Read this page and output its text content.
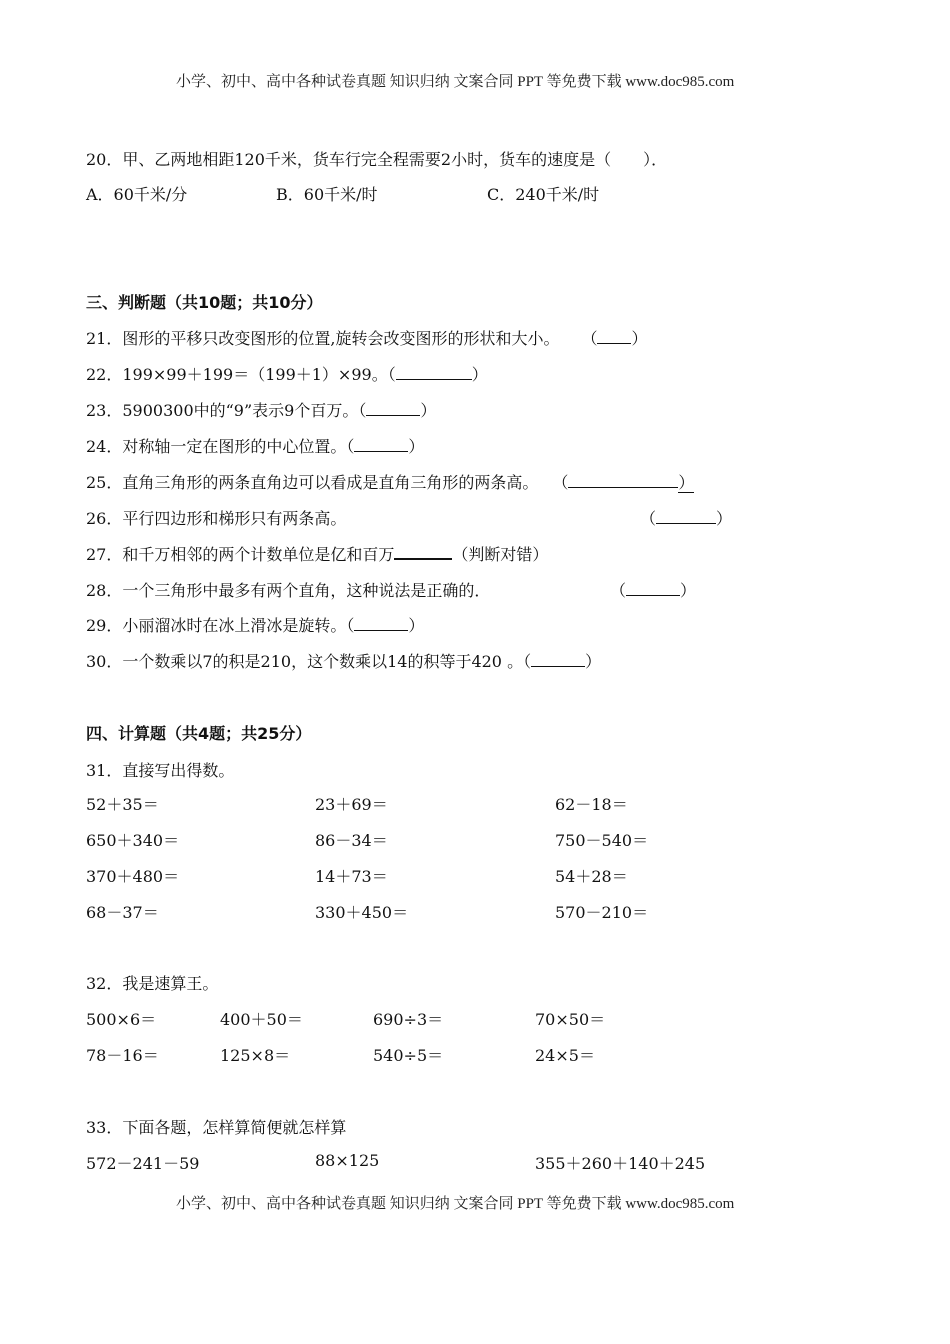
小学、初中、高中各种试卷真题 知识归纳 文案合同 PPT 等免费下载 www.doc985.com
20．甲、乙两地相距120千米，货车行完全程需要2小时，货车的速度是（　　）．
A．60千米/分	B．60千米/时	C．240千米/时
三、判断题（共10题；共10分）
21．图形的平移只改变图形的位置,旋转会改变图形的形状和大小。 （ ）
22．199×99＋199＝（199＋1）×99。（	）
23．5900300中的“9”表示9个百万。（	）
24．对称轴一定在图形的中心位置。（	）
25．直角三角形的两条直角边可以看成是直角三角形的两条高。 （	）
26．平行四边形和梯形只有两条高。	（	）
27．和千万相邻的两个计数单位是亿和百万	（判断对错）
28．一个三角形中最多有两个直角，这种说法是正确的．	（	）
29．小丽溜冰时在冰上滑冰是旋转。（	）
30．一个数乘以7的积是210，这个数乘以14的积等于420 。（	）
四、计算题（共4题；共25分）
31．直接写出得数。
52＋35＝	23＋69＝	62－18＝
650＋340＝	86－34＝	750－540＝
370＋480＝	14＋73＝	54＋28＝
68－37＝	330＋450＝	570－210＝
32．我是速算王。
500×6＝	400＋50＝	690÷3＝	70×50＝
78－16＝	125×8＝	540÷5＝	24×5＝
33．下面各题，怎样算简便就怎样算
572－241－59	88×125	355＋260＋140＋245
小学、初中、高中各种试卷真题 知识归纳 文案合同 PPT 等免费下载 www.doc985.com
